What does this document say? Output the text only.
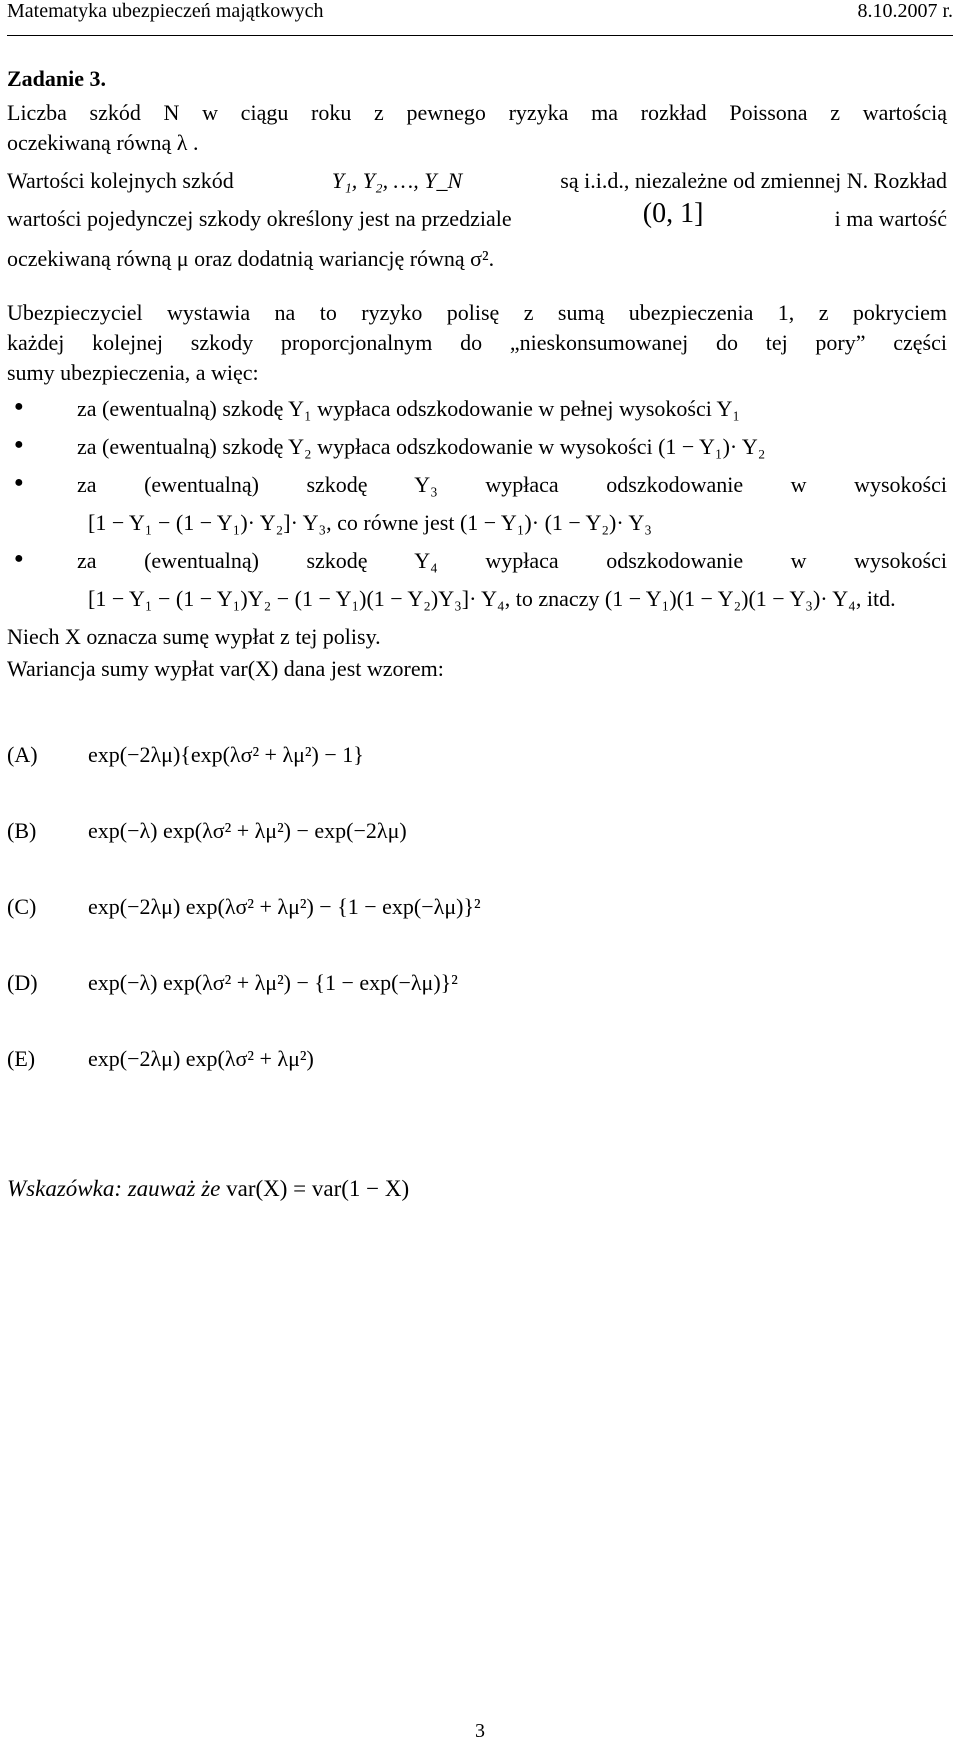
Matematyka ubezpieczeń majątkowych	8.10.2007 r.
Zadanie 3.
Liczba szkód N w ciągu roku z pewnego ryzyka ma rozkład Poissona z wartością
oczekiwaną równą λ .
Wartości kolejnych szkód	Y₁, Y₂, …, Y_N	są i.i.d., niezależne od zmiennej N. Rozkład
wartości pojedynczej szkody określony jest na przedziale	(0, 1]	i ma wartość
oczekiwaną równą μ oraz dodatnią wariancję równą σ².
Ubezpieczyciel wystawia na to ryzyko polisę z sumą ubezpieczenia 1, z pokryciem
każdej kolejnej szkody proporcjonalnym do „nieskonsumowanej do tej pory” części
sumy ubezpieczenia, a więc:
● za (ewentualną) szkodę Y₁ wypłaca odszkodowanie w pełnej wysokości Y₁
● za (ewentualną) szkodę Y₂ wypłaca odszkodowanie w wysokości (1 − Y₁)· Y₂
● za (ewentualną) szkodę Y₃ wypłaca odszkodowanie w wysokości
[1 − Y₁ − (1 − Y₁)· Y₂]· Y₃, co równe jest (1 − Y₁)· (1 − Y₂)· Y₃
● za (ewentualną) szkodę Y₄ wypłaca odszkodowanie w wysokości
[1 − Y₁ − (1 − Y₁)Y₂ − (1 − Y₁)(1 − Y₂)Y₃]· Y₄, to znaczy (1 − Y₁)(1 − Y₂)(1 − Y₃)· Y₄, itd.
Niech X oznacza sumę wypłat z tej polisy.
Wariancja sumy wypłat var(X) dana jest wzorem:
(A) exp(−2λμ){exp(λσ² + λμ²) − 1}
(B) exp(−λ) exp(λσ² + λμ²) − exp(−2λμ)
(C) exp(−2λμ) exp(λσ² + λμ²) − {1 − exp(−λμ)}²
(D) exp(−λ) exp(λσ² + λμ²) − {1 − exp(−λμ)}²
(E) exp(−2λμ) exp(λσ² + λμ²)
Wskazówka: zauważ że var(X) = var(1 − X)
3
